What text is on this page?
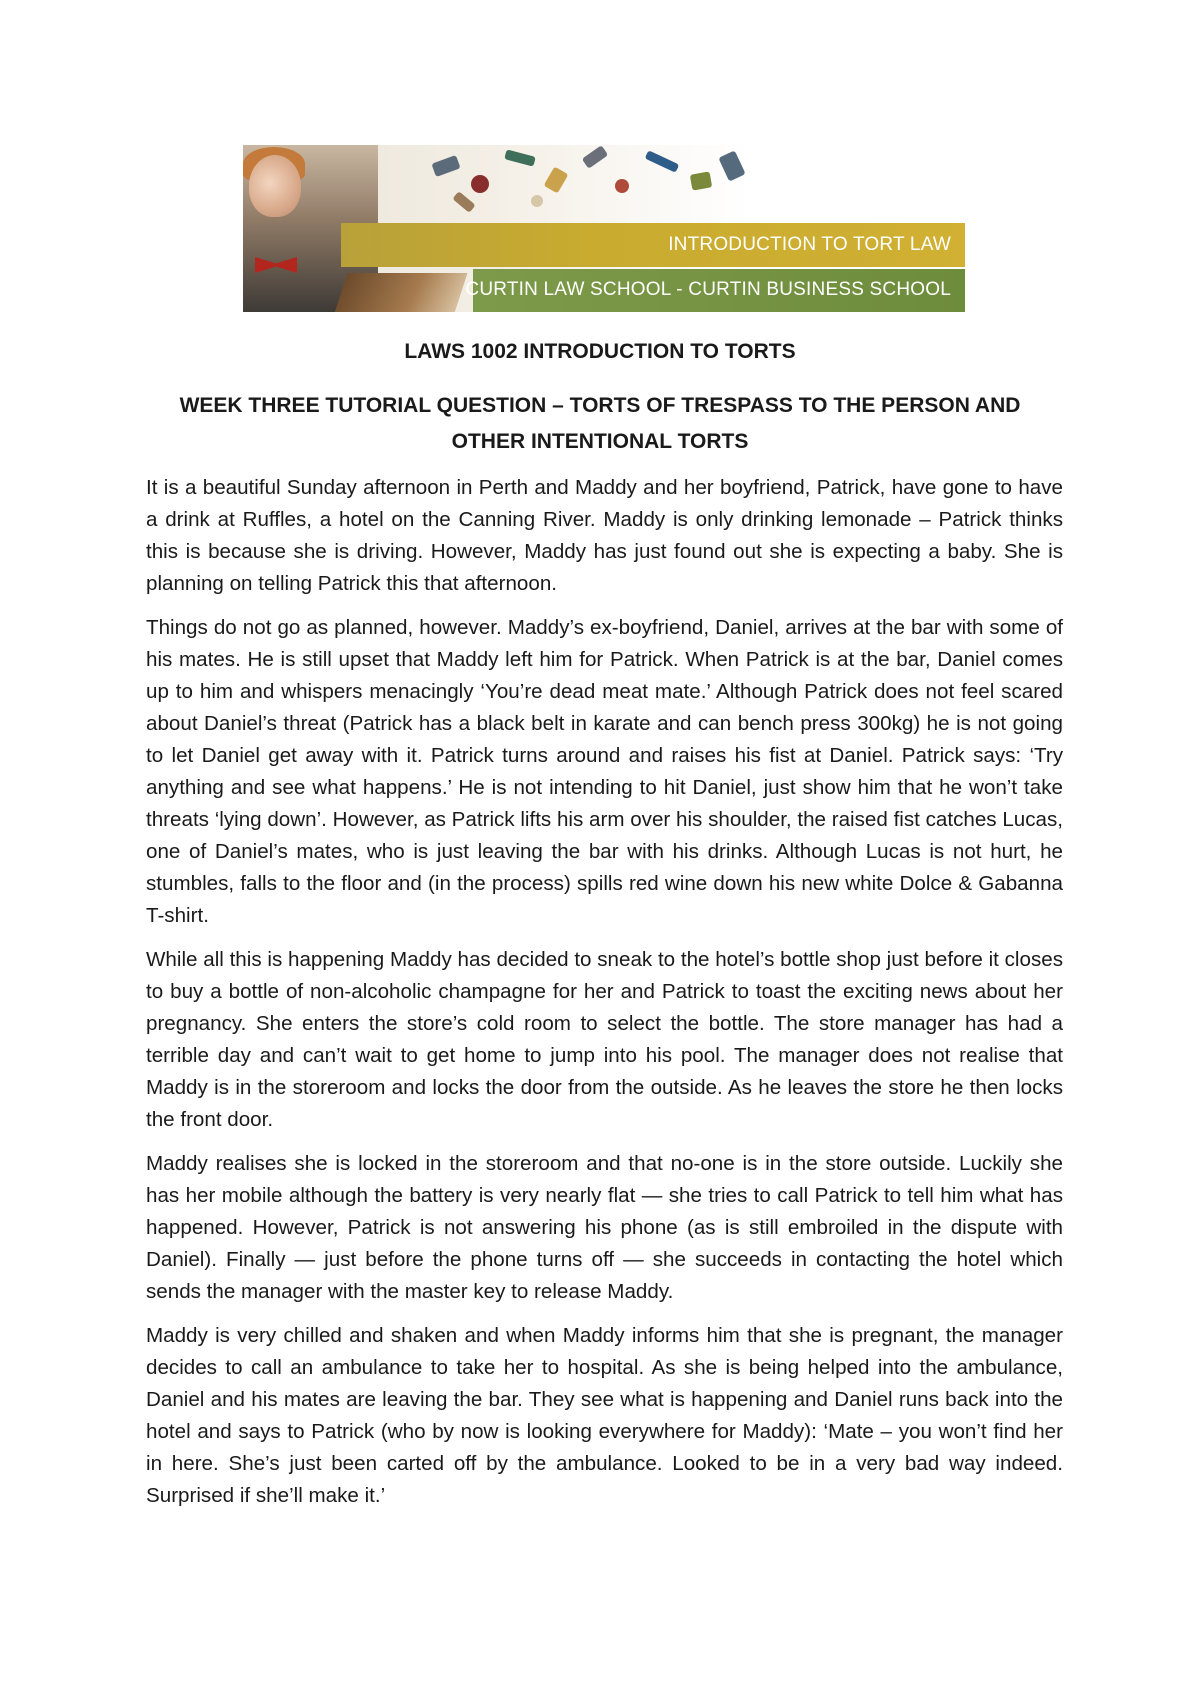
INTRODUCTION TO TORT LAW
CURTIN LAW SCHOOL - CURTIN BUSINESS SCHOOL
LAWS 1002 INTRODUCTION TO TORTS
WEEK THREE TUTORIAL QUESTION – TORTS OF TRESPASS TO THE PERSON AND OTHER INTENTIONAL TORTS

It is a beautiful Sunday afternoon in Perth and Maddy and her boyfriend, Patrick, have gone to have a drink at Ruffles, a hotel on the Canning River. Maddy is only drinking lemonade – Patrick thinks this is because she is driving. However, Maddy has just found out she is expecting a baby. She is planning on telling Patrick this that afternoon.

Things do not go as planned, however. Maddy’s ex-boyfriend, Daniel, arrives at the bar with some of his mates. He is still upset that Maddy left him for Patrick. When Patrick is at the bar, Daniel comes up to him and whispers menacingly ‘You’re dead meat mate.’ Although Patrick does not feel scared about Daniel’s threat (Patrick has a black belt in karate and can bench press 300kg) he is not going to let Daniel get away with it. Patrick turns around and raises his fist at Daniel. Patrick says: ‘Try anything and see what happens.’ He is not intending to hit Daniel, just show him that he won’t take threats ‘lying down’. However, as Patrick lifts his arm over his shoulder, the raised fist catches Lucas, one of Daniel’s mates, who is just leaving the bar with his drinks. Although Lucas is not hurt, he stumbles, falls to the floor and (in the process) spills red wine down his new white Dolce & Gabanna T-shirt.

While all this is happening Maddy has decided to sneak to the hotel’s bottle shop just before it closes to buy a bottle of non-alcoholic champagne for her and Patrick to toast the exciting news about her pregnancy. She enters the store’s cold room to select the bottle. The store manager has had a terrible day and can’t wait to get home to jump into his pool. The manager does not realise that Maddy is in the storeroom and locks the door from the outside. As he leaves the store he then locks the front door.

Maddy realises she is locked in the storeroom and that no-one is in the store outside. Luckily she has her mobile although the battery is very nearly flat — she tries to call Patrick to tell him what has happened. However, Patrick is not answering his phone (as is still embroiled in the dispute with Daniel). Finally — just before the phone turns off — she succeeds in contacting the hotel which sends the manager with the master key to release Maddy.

Maddy is very chilled and shaken and when Maddy informs him that she is pregnant, the manager decides to call an ambulance to take her to hospital. As she is being helped into the ambulance, Daniel and his mates are leaving the bar. They see what is happening and Daniel runs back into the hotel and says to Patrick (who by now is looking everywhere for Maddy): ‘Mate – you won’t find her in here. She’s just been carted off by the ambulance. Looked to be in a very bad way indeed. Surprised if she’ll make it.’
